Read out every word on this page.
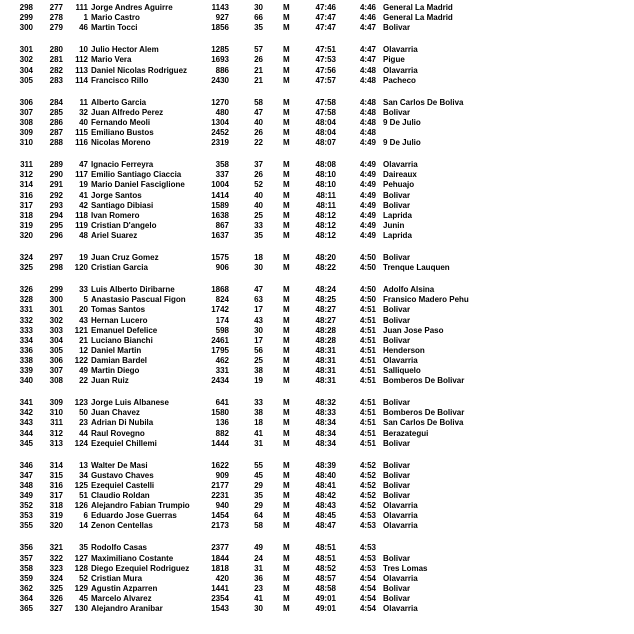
298	277	111 Jorge Andres Aguirre	1143	30	M	47:46	4:46 General La Madrid
299	278	1 Mario Castro	927	66	M	47:47	4:46 General La Madrid
300	279	46 Martin Tocci	1856	35	M	47:47	4:47 Bolivar
301	280	10 Julio Hector Alem	1285	57	M	47:51	4:47 Olavarria
302	281	112 Mario Vera	1693	26	M	47:53	4:47 Pigue
304	282	113 Daniel Nicolas Rodriguez	886	21	M	47:56	4:48 Olavarria
305	283	114 Francisco Rillo	2430	21	M	47:57	4:48 Pacheco
306	284	11 Alberto Garcia	1270	58	M	47:58	4:48 San Carlos De Boliva
307	285	32 Juan Alfredo Perez	480	47	M	47:58	4:48 Bolivar
308	286	40 Fernando Meoli	1304	40	M	48:04	4:48 9 De Julio
309	287	115 Emiliano Bustos	2452	26	M	48:04	4:48
310	288	116 Nicolas Moreno	2319	22	M	48:07	4:49 9 De Julio
311	289	47 Ignacio Ferreyra	358	37	M	48:08	4:49 Olavarria
312	290	117 Emilio Santiago Ciaccia	337	26	M	48:10	4:49 Daireaux
314	291	19 Mario Daniel Fasciglione	1004	52	M	48:10	4:49 Pehuajo
316	292	41 Jorge Santos	1414	40	M	48:11	4:49 Bolivar
317	293	42 Santiago Dibiasi	1589	40	M	48:11	4:49 Bolivar
318	294	118 Ivan Romero	1638	25	M	48:12	4:49 Laprida
319	295	119 Cristian D'angelo	867	33	M	48:12	4:49 Junin
320	296	48 Ariel Suarez	1637	35	M	48:12	4:49 Laprida
324	297	19 Juan Cruz Gomez	1575	18	M	48:20	4:50 Bolivar
325	298	120 Cristian Garcia	906	30	M	48:22	4:50 Trenque Lauquen
326	299	33 Luis Alberto Diribarne	1868	47	M	48:24	4:50 Adolfo Alsina
328	300	5 Anastasio Pascual Figon	824	63	M	48:25	4:50 Fransico Madero Pehu
331	301	20 Tomas Santos	1742	17	M	48:27	4:51 Bolivar
332	302	43 Hernan Lucero	174	43	M	48:27	4:51 Bolivar
333	303	121 Emanuel Defelice	598	30	M	48:28	4:51 Juan Jose Paso
334	304	21 Luciano Bianchi	2461	17	M	48:28	4:51 Bolivar
336	305	12 Daniel Martin	1795	56	M	48:31	4:51 Henderson
338	306	122 Damian Bardel	462	25	M	48:31	4:51 Olavarria
339	307	49 Martin Diego	331	38	M	48:31	4:51 Salliquelo
340	308	22 Juan Ruiz	2434	19	M	48:31	4:51 Bomberos De Bolivar
341	309	123 Jorge Luis Albanese	641	33	M	48:32	4:51 Bolivar
342	310	50 Juan Chavez	1580	38	M	48:33	4:51 Bomberos De Bolivar
343	311	23 Adrian Di Nubila	136	18	M	48:34	4:51 San Carlos De Boliva
344	312	44 Raul Rovegno	882	41	M	48:34	4:51 Berazategui
345	313	124 Ezequiel Chillemi	1444	31	M	48:34	4:51 Bolivar
346	314	13 Walter De Masi	1622	55	M	48:39	4:52 Bolivar
347	315	34 Gustavo Chaves	909	45	M	48:40	4:52 Bolivar
348	316	125 Ezequiel Castelli	2177	29	M	48:41	4:52 Bolivar
349	317	51 Claudio Roldan	2231	35	M	48:42	4:52 Bolivar
352	318	126 Alejandro Fabian Trumpio	940	29	M	48:43	4:52 Olavarria
353	319	6 Eduardo Jose Guerras	1454	64	M	48:45	4:53 Olavarria
355	320	14 Zenon Centellas	2173	58	M	48:47	4:53 Olavarria
356	321	35 Rodolfo Casas	2377	49	M	48:51	4:53
357	322	127 Maximiliano Costante	1844	24	M	48:51	4:53 Bolivar
358	323	128 Diego Ezequiel Rodriguez	1818	31	M	48:52	4:53 Tres Lomas
359	324	52 Cristian Mura	420	36	M	48:57	4:54 Olavarria
362	325	129 Agustin Azparren	1441	23	M	48:58	4:54 Bolivar
364	326	45 Marcelo Alvarez	2354	41	M	49:01	4:54 Bolivar
365	327	130 Alejandro Aranibar	1543	30	M	49:01	4:54 Olavarria
